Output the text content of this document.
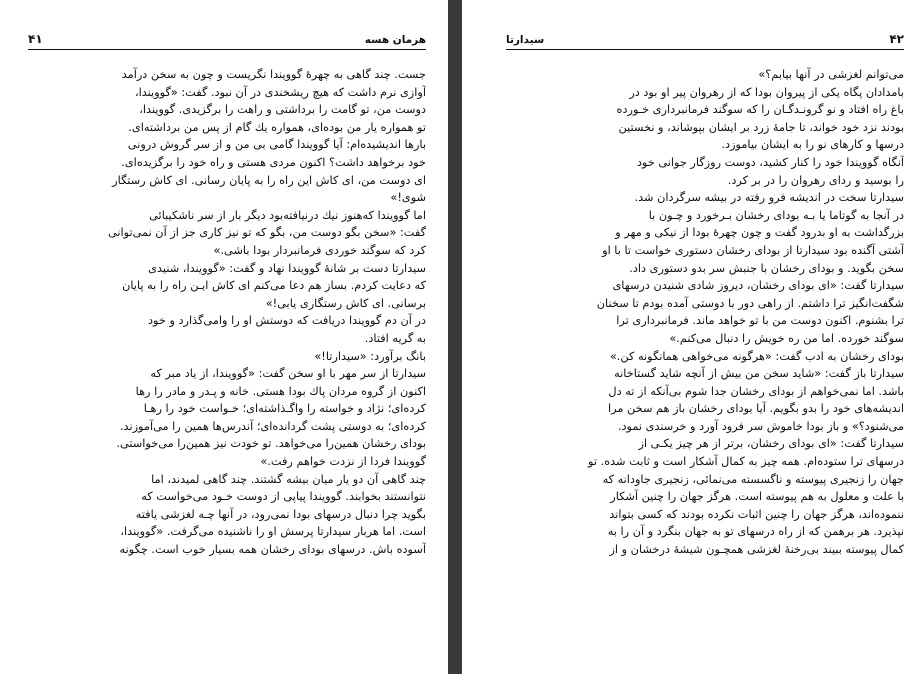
۴۱	هرمان هسه
جست. چند گاهی به چهرهٔ گوویندا نگریست و چون به سخن درآمد
آوازی نرم داشت که هیچ ریشخندی در آن نبود. گفت: «گوویندا،
دوست من، تو گامت را برداشتی و راهت را برگزیدی. گوویندا،
تو همواره یار من بوده‌ای، همواره یك گام از پس من برداشته‌ای.
بارها اندیشیده‌ام: آیا گوویندا گامی بی من و از سر گروش درونی
خود برخواهد داشت؟ اکنون مردی هستی و راه خود را برگزیده‌ای.
ای دوست من، ای کاش این راه را به پایان رسانی. ای کاش رستگار
شوی!»
اما گوویندا که‌هنوز نیك درنیافته‌بود دیگر بار از سر ناشکیبائی
گفت: «سخن بگو دوست من، بگو که تو نیز کاری جز از آن نمی‌توانی
کرد که سوگند خوردی فرمانبردار بودا باشی.»
سیدارتا دست بر شانهٔ گوویندا نهاد و گفت: «گوویندا، شنیدی
که دعایت کردم. بساز هم دعا می‌کنم ای کاش ایـن راه را به پایان
برسانی. ای کاش رستگاری یابی!»
در آن دم گوویندا دریافت که دوستش او را وامی‌گذارد و خود
به گریه افتاد.
بانگ برآورد: «سیدارتا!»
سیدارتا از سر مهر با او سخن گفت: «گوویندا، از یاد مبر که
اکنون از گروه مردان پاك بودا هستی. خانه و پـدر و مادر را رها
کرده‌ای؛ نژاد و خواسته را واگـذاشته‌ای؛ خـواست خود را رهـا
کرده‌ای؛ به دوستی پشت گردانده‌ای؛ آندرس‌ها همین را می‌آموزند.
بودای رخشان همین‌را می‌خواهد. تو خودت نیز همین‌را می‌خواستی.
گوویندا فردا از نزدت خواهم رفت.»
چند گاهی آن دو یار میان بیشه گشتند. چند گاهی لمیدند، اما
نتوانستند بخوابند. گوویندا پیاپی از دوست خـود می‌خواست که
بگوید چرا دنبال درسهای بودا نمی‌رود، در آنها چـه لغزشی یافته
است. اما هربار سیدارتا پرسش او را ناشنیده می‌گرفت. «گوویندا،
آسوده باش. درسهای بودای رخشان همه بسیار خوب است. چگونه
سیدارتا	۴۲
می‌توانم لغزشی در آنها بیابم؟»
بامدادان پگاه یکی از پیروان بودا که از رهروان پیر او بود در
باغ راه افتاد و نو گرونـدگـان را که سوگند فرمانبرداری خـورده
بودند نزد خود خواند، تا جامهٔ زرد بر ایشان بپوشاند، و نخستین
درسها و کارهای نو را به ایشان بیاموزد.
آنگاه گوویندا خود را کنار کشید، دوست روزگار جوانی خود
را بوسید و ردای رهروان را در بر کرد.
سیدارتا سخت در اندیشه فرو رفته در بیشه سرگردان شد.
در آنجا به گوتاما یا بـه بودای رخشان بـرخورد و چـون با
بزرگداشت به او بدرود گفت و چون چهرهٔ بودا از نیکی و مهر و
آشتی آگنده بود سیدارتا از بودای رخشان دستوری خواست تا با او
سخن بگوید. و بودای رخشان با جنبش سر بدو دستوری داد.
سیدارتا گفت: «ای بودای رخشان، دیروز شادی شنیدن درسهای
شگفت‌انگیز ترا داشتم. از راهی دور با دوستی آمده بودم تا سخنان
ترا بشنوم. اکنون دوست من با تو خواهد ماند. فرمانبرداری ترا
سوگند خورده. اما من ره خویش را دنبال می‌کنم.»
بودای رخشان به ادب گفت: «هرگونه می‌خواهی همانگونه کن.»
سیدارتا باز گفت: «شاید سخن من بیش از آنچه شاید گستاخانه
باشد. اما نمی‌خواهم از بودای رخشان جدا شوم بی‌آنکه از ته دل
اندیشه‌های خود را بدو بگویم. آیا بودای رخشان باز هم سخن مرا
می‌شنود؟» و باز بودا خاموش سر فرود آورد و خرسندی نمود.
سیدارتا گفت: «ای بودای رخشان، برتر از هر چیز یکـی از
درسهای ترا ستوده‌ام. همه چیز به کمال آشکار است و ثابت شده. تو
جهان را زنجیری پیوسته و ناگسسته می‌نمائی، زنجیری جاودانه که
با علت و معلول به هم پیوسته است. هرگز جهان را چنین آشکار
ننموده‌اند، هرگز جهان را چنین اثبات نکرده بودند که کسی بتواند
نپذیرد. هر برهمن که از راه درسهای تو به جهان بنگرد و آن را به
کمال پیوسته ببیند بی‌رخنهٔ لغزشی همچـون شیشهٔ درخشان و از
